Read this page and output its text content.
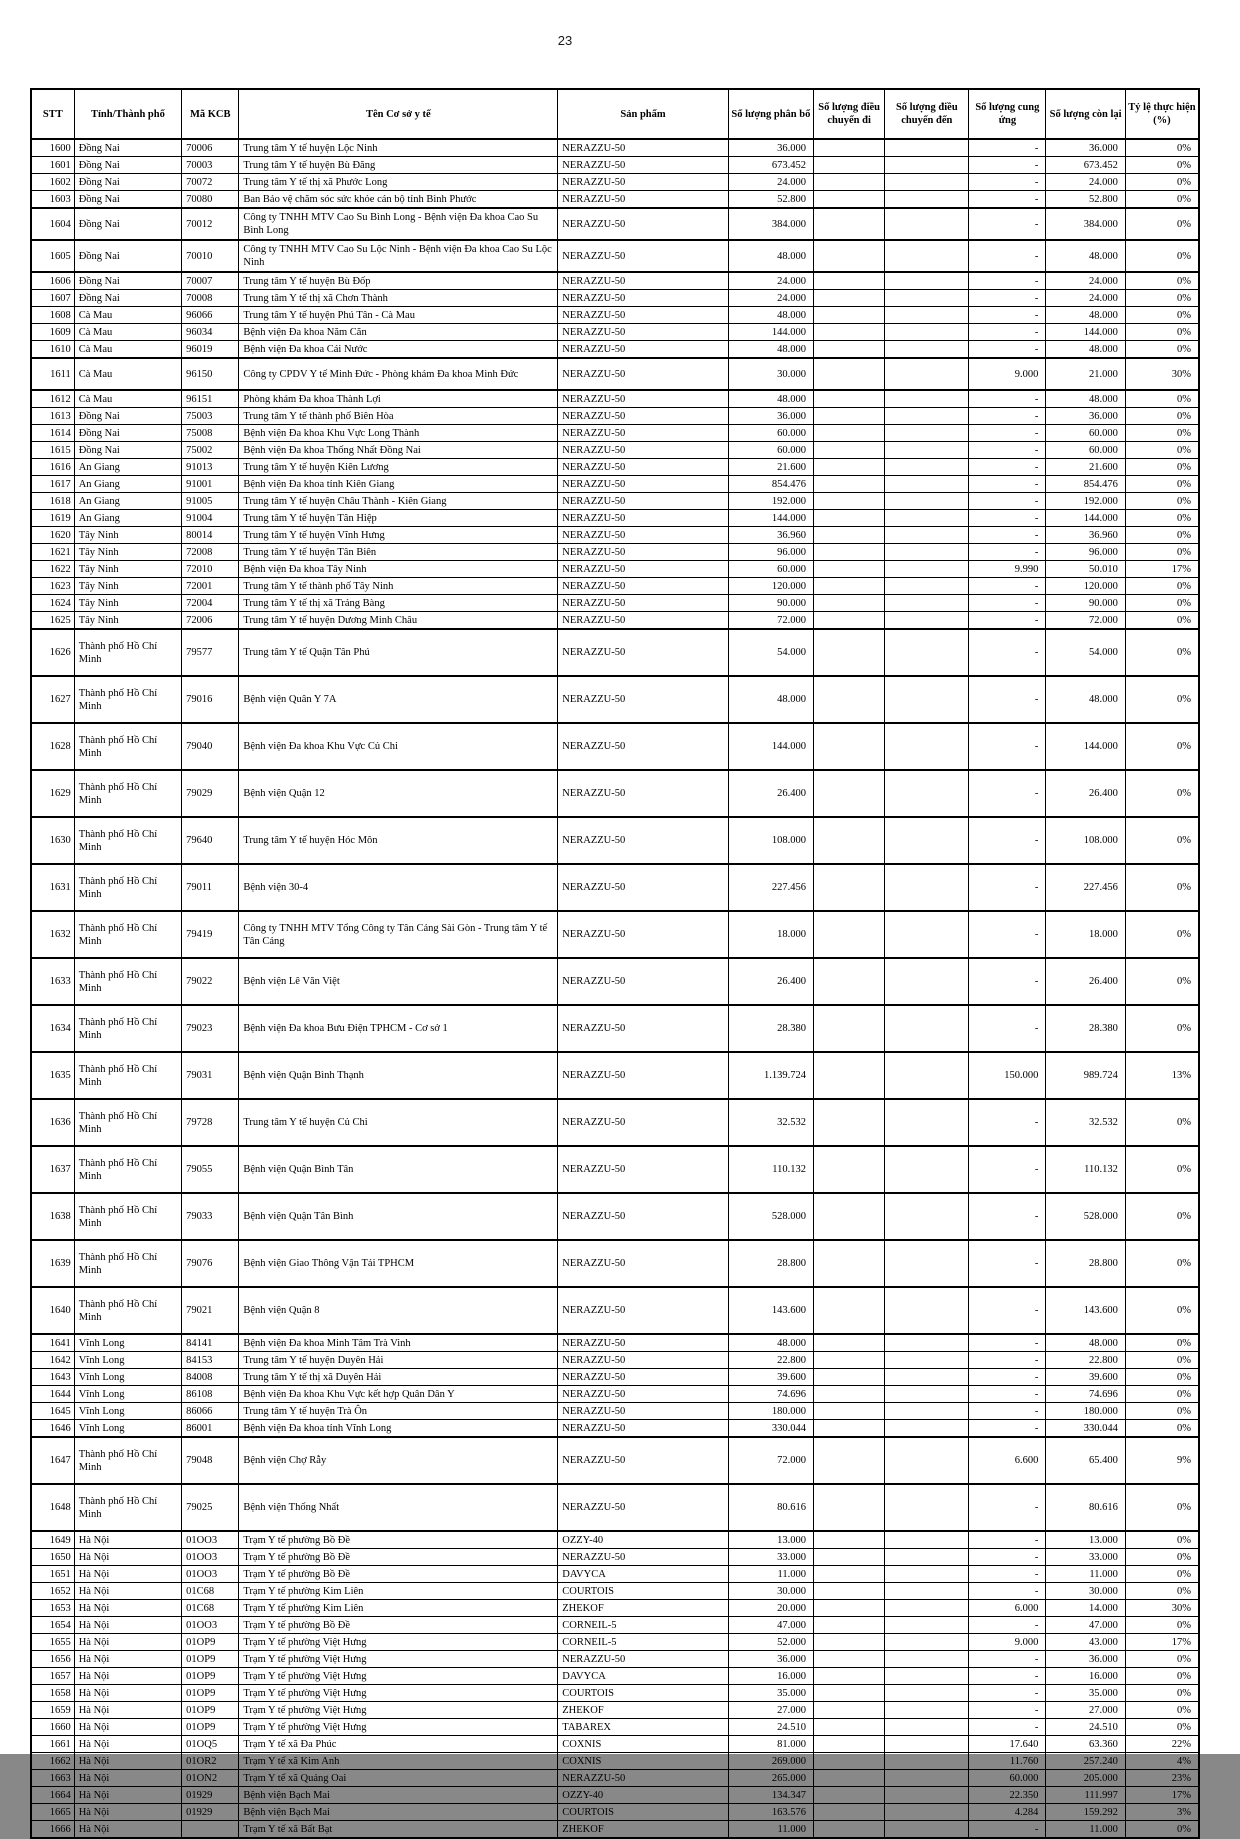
23
STT	Tỉnh/Thành phố	Mã KCB	Tên Cơ sở y tế	Sản phẩm	Số lượng phân bổ	Số lượng điều chuyển đi	Số lượng điều chuyển đến	Số lượng cung ứng	Số lượng còn lại	Tỷ lệ thực hiện (%)
1600	Đồng Nai	70006	Trung tâm Y tế huyện Lộc Ninh	NERAZZU-50	36.000			-	36.000	0%
1601	Đồng Nai	70003	Trung tâm Y tế huyện Bù Đăng	NERAZZU-50	673.452			-	673.452	0%
1602	Đồng Nai	70072	Trung tâm Y tế thị xã Phước Long	NERAZZU-50	24.000			-	24.000	0%
1603	Đồng Nai	70080	Ban Bảo vệ chăm sóc sức khỏe cán bộ tỉnh Bình Phước	NERAZZU-50	52.800			-	52.800	0%
1604	Đồng Nai	70012	Công ty TNHH MTV Cao Su Bình Long - Bệnh viện Đa khoa Cao Su Bình Long	NERAZZU-50	384.000			-	384.000	0%
1605	Đồng Nai	70010	Công ty TNHH MTV Cao Su Lộc Ninh - Bệnh viện Đa khoa Cao Su Lộc Ninh	NERAZZU-50	48.000			-	48.000	0%
1606	Đồng Nai	70007	Trung tâm Y tế huyện Bù Đốp	NERAZZU-50	24.000			-	24.000	0%
1607	Đồng Nai	70008	Trung tâm Y tế thị xã Chơn Thành	NERAZZU-50	24.000			-	24.000	0%
1608	Cà Mau	96066	Trung tâm Y tế huyện Phú Tân - Cà Mau	NERAZZU-50	48.000			-	48.000	0%
1609	Cà Mau	96034	Bệnh viện Đa khoa Năm Căn	NERAZZU-50	144.000			-	144.000	0%
1610	Cà Mau	96019	Bệnh viện Đa khoa Cái Nước	NERAZZU-50	48.000			-	48.000	0%
1611	Cà Mau	96150	Công ty CPDV Y tế Minh Đức - Phòng khám Đa khoa Minh Đức	NERAZZU-50	30.000			9.000	21.000	30%
1612	Cà Mau	96151	Phòng khám Đa khoa Thành Lợi	NERAZZU-50	48.000			-	48.000	0%
1613	Đồng Nai	75003	Trung tâm Y tế thành phố Biên Hòa	NERAZZU-50	36.000			-	36.000	0%
1614	Đồng Nai	75008	Bệnh viện Đa khoa Khu Vực Long Thành	NERAZZU-50	60.000			-	60.000	0%
1615	Đồng Nai	75002	Bệnh viện Đa khoa Thống Nhất Đồng Nai	NERAZZU-50	60.000			-	60.000	0%
1616	An Giang	91013	Trung tâm Y tế huyện Kiên Lương	NERAZZU-50	21.600			-	21.600	0%
1617	An Giang	91001	Bệnh viện Đa khoa tỉnh Kiên Giang	NERAZZU-50	854.476			-	854.476	0%
1618	An Giang	91005	Trung tâm Y tế huyện Châu Thành - Kiên Giang	NERAZZU-50	192.000			-	192.000	0%
1619	An Giang	91004	Trung tâm Y tế huyện Tân Hiệp	NERAZZU-50	144.000			-	144.000	0%
1620	Tây Ninh	80014	Trung tâm Y tế huyện Vĩnh Hưng	NERAZZU-50	36.960			-	36.960	0%
1621	Tây Ninh	72008	Trung tâm Y tế huyện Tân Biên	NERAZZU-50	96.000			-	96.000	0%
1622	Tây Ninh	72010	Bệnh viện Đa khoa Tây Ninh	NERAZZU-50	60.000			9.990	50.010	17%
1623	Tây Ninh	72001	Trung tâm Y tế thành phố Tây Ninh	NERAZZU-50	120.000			-	120.000	0%
1624	Tây Ninh	72004	Trung tâm Y tế thị xã Trảng Bàng	NERAZZU-50	90.000			-	90.000	0%
1625	Tây Ninh	72006	Trung tâm Y tế huyện Dương Minh Châu	NERAZZU-50	72.000			-	72.000	0%
1626	Thành phố Hồ Chí Minh	79577	Trung tâm Y tế Quận Tân Phú	NERAZZU-50	54.000			-	54.000	0%
1627	Thành phố Hồ Chí Minh	79016	Bệnh viện Quân Y 7A	NERAZZU-50	48.000			-	48.000	0%
1628	Thành phố Hồ Chí Minh	79040	Bệnh viện Đa khoa Khu Vực Củ Chi	NERAZZU-50	144.000			-	144.000	0%
1629	Thành phố Hồ Chí Minh	79029	Bệnh viện Quận 12	NERAZZU-50	26.400			-	26.400	0%
1630	Thành phố Hồ Chí Minh	79640	Trung tâm Y tế huyện Hóc Môn	NERAZZU-50	108.000			-	108.000	0%
1631	Thành phố Hồ Chí Minh	79011	Bệnh viện 30-4	NERAZZU-50	227.456			-	227.456	0%
1632	Thành phố Hồ Chí Minh	79419	Công ty TNHH MTV Tổng Công ty Tân Cảng Sài Gòn - Trung tâm Y tế Tân Cảng	NERAZZU-50	18.000			-	18.000	0%
1633	Thành phố Hồ Chí Minh	79022	Bệnh viện Lê Văn Việt	NERAZZU-50	26.400			-	26.400	0%
1634	Thành phố Hồ Chí Minh	79023	Bệnh viện Đa khoa Bưu Điện TPHCM - Cơ sở 1	NERAZZU-50	28.380			-	28.380	0%
1635	Thành phố Hồ Chí Minh	79031	Bệnh viện Quận Bình Thạnh	NERAZZU-50	1.139.724			150.000	989.724	13%
1636	Thành phố Hồ Chí Minh	79728	Trung tâm Y tế huyện Củ Chi	NERAZZU-50	32.532			-	32.532	0%
1637	Thành phố Hồ Chí Minh	79055	Bệnh viện Quận Bình Tân	NERAZZU-50	110.132			-	110.132	0%
1638	Thành phố Hồ Chí Minh	79033	Bệnh viện Quận Tân Bình	NERAZZU-50	528.000			-	528.000	0%
1639	Thành phố Hồ Chí Minh	79076	Bệnh viện Giao Thông Vận Tải TPHCM	NERAZZU-50	28.800			-	28.800	0%
1640	Thành phố Hồ Chí Minh	79021	Bệnh viện Quận 8	NERAZZU-50	143.600			-	143.600	0%
1641	Vĩnh Long	84141	Bệnh viện Đa khoa Minh Tâm Trà Vinh	NERAZZU-50	48.000			-	48.000	0%
1642	Vĩnh Long	84153	Trung tâm Y tế huyện Duyên Hải	NERAZZU-50	22.800			-	22.800	0%
1643	Vĩnh Long	84008	Trung tâm Y tế thị xã Duyên Hải	NERAZZU-50	39.600			-	39.600	0%
1644	Vĩnh Long	86108	Bệnh viện Đa khoa Khu Vực kết hợp Quân Dân Y	NERAZZU-50	74.696			-	74.696	0%
1645	Vĩnh Long	86066	Trung tâm Y tế huyện Trà Ôn	NERAZZU-50	180.000			-	180.000	0%
1646	Vĩnh Long	86001	Bệnh viện Đa khoa tỉnh Vĩnh Long	NERAZZU-50	330.044			-	330.044	0%
1647	Thành phố Hồ Chí Minh	79048	Bệnh viện Chợ Rẫy	NERAZZU-50	72.000			6.600	65.400	9%
1648	Thành phố Hồ Chí Minh	79025	Bệnh viện Thống Nhất	NERAZZU-50	80.616			-	80.616	0%
1649	Hà Nội	01OO3	Trạm Y tế phường Bồ Đề	OZZY-40	13.000			-	13.000	0%
1650	Hà Nội	01OO3	Trạm Y tế phường Bồ Đề	NERAZZU-50	33.000			-	33.000	0%
1651	Hà Nội	01OO3	Trạm Y tế phường Bồ Đề	DAVYCA	11.000			-	11.000	0%
1652	Hà Nội	01C68	Trạm Y tế phường Kim Liên	COURTOIS	30.000			-	30.000	0%
1653	Hà Nội	01C68	Trạm Y tế phường Kim Liên	ZHEKOF	20.000			6.000	14.000	30%
1654	Hà Nội	01OO3	Trạm Y tế phường Bồ Đề	CORNEIL-5	47.000			-	47.000	0%
1655	Hà Nội	01OP9	Trạm Y tế phường Việt Hưng	CORNEIL-5	52.000			9.000	43.000	17%
1656	Hà Nội	01OP9	Trạm Y tế phường Việt Hưng	NERAZZU-50	36.000			-	36.000	0%
1657	Hà Nội	01OP9	Trạm Y tế phường Việt Hưng	DAVYCA	16.000			-	16.000	0%
1658	Hà Nội	01OP9	Trạm Y tế phường Việt Hưng	COURTOIS	35.000			-	35.000	0%
1659	Hà Nội	01OP9	Trạm Y tế phường Việt Hưng	ZHEKOF	27.000			-	27.000	0%
1660	Hà Nội	01OP9	Trạm Y tế phường Việt Hưng	TABAREX	24.510			-	24.510	0%
1661	Hà Nội	01OQ5	Trạm Y tế xã Đa Phúc	COXNIS	81.000			17.640	63.360	22%
1662	Hà Nội	01OR2	Trạm Y tế xã Kim Anh	COXNIS	269.000			11.760	257.240	4%
1663	Hà Nội	01ON2	Trạm Y tế xã Quảng Oai	NERAZZU-50	265.000			60.000	205.000	23%
1664	Hà Nội	01929	Bệnh viện Bạch Mai	OZZY-40	134.347			22.350	111.997	17%
1665	Hà Nội	01929	Bệnh viện Bạch Mai	COURTOIS	163.576			4.284	159.292	3%
1666	Hà Nội		Trạm Y tế xã Bất Bạt	ZHEKOF	11.000			-	11.000	0%
